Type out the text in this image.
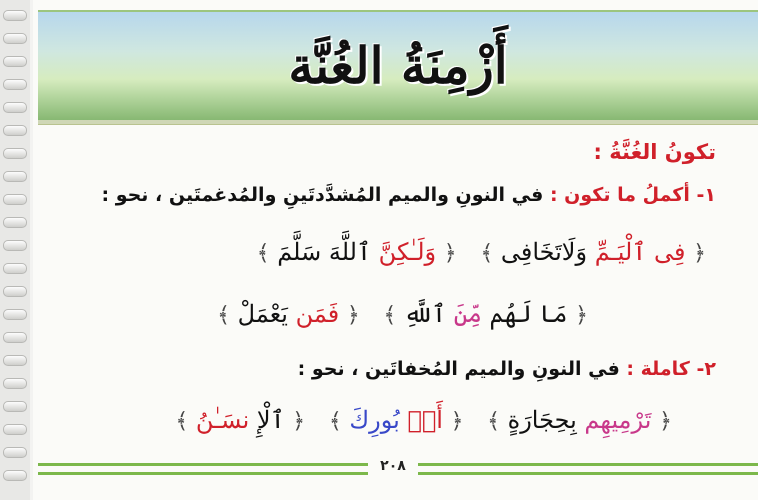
أَزْمِنَةُ الغُنَّة
تكونُ الغُنَّةُ :
١- أكملُ ما تكون : في النونِ والميم المُشدَّدتَينِ والمُدغمتَين ، نحو :
﴿ فِى ٱلْيَـمِّ وَلَاتَخَافِى ﴾ ﴿ وَلَـٰكِنَّ ٱللَّهَ سَلَّمَ ﴾
﴿ مَا لَهُم مِّنَ ٱللَّهِ ﴾ ﴿ فَمَن يَعْمَلْ ﴾
٢- كاملة : في النونِ والميم المُخفاتَين ، نحو :
﴿ تَرْمِيهِم بِحِجَارَةٍ ﴾ ﴿ أَنۢ بُورِكَ ﴾ ﴿ ٱلْإِ نسَـٰنُ ﴾
٢٠٨
